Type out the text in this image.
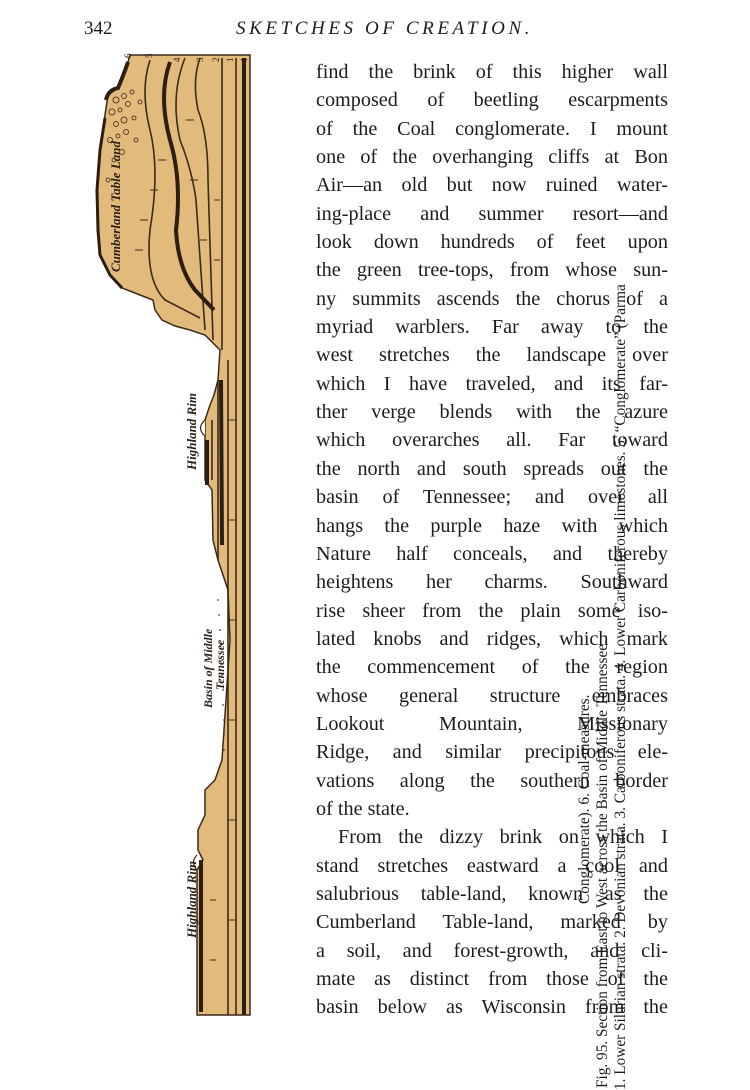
342	SKETCHES OF CREATION.
Cumberland Table Land
Highland Rim
Basin of Middle
Tennessee
Highland Rim
1
1
2
3
4
5
6
Conglomerate). 6. Coal-measures. Fig. 95. Section from East to West across the Basin of Middle Tennessee. 1. Lower Silurian strata. 2. Devonian strata. 3. Carboniferous strata. 4. Lower Carboniferous limestones. 5. “Conglomerate” (Parma
find the brink of this higher wall
composed of beetling escarpments
of the Coal conglomerate. I mount
one of the overhanging cliffs at Bon
Air—an old but now ruined water-
ing-place and summer resort—and
look down hundreds of feet upon
the green tree-tops, from whose sun-
ny summits ascends the chorus of a
myriad warblers. Far away to the
west stretches the landscape over
which I have traveled, and its far-
ther verge blends with the azure
which overarches all. Far toward
the north and south spreads out the
basin of Tennessee; and over all
hangs the purple haze with which
Nature half conceals, and thereby
heightens her charms. Southward
rise sheer from the plain some iso-
lated knobs and ridges, which mark
the commencement of the region
whose general structure embraces
Lookout Mountain, Missionary
Ridge, and similar precipitous ele-
vations along the southern border
of the state.
From the dizzy brink on which I
stand stretches eastward a cool and
salubrious table-land, known as the
Cumberland Table-land, marked by
a soil, and forest-growth, and cli-
mate as distinct from those of the
basin below as Wisconsin from the
